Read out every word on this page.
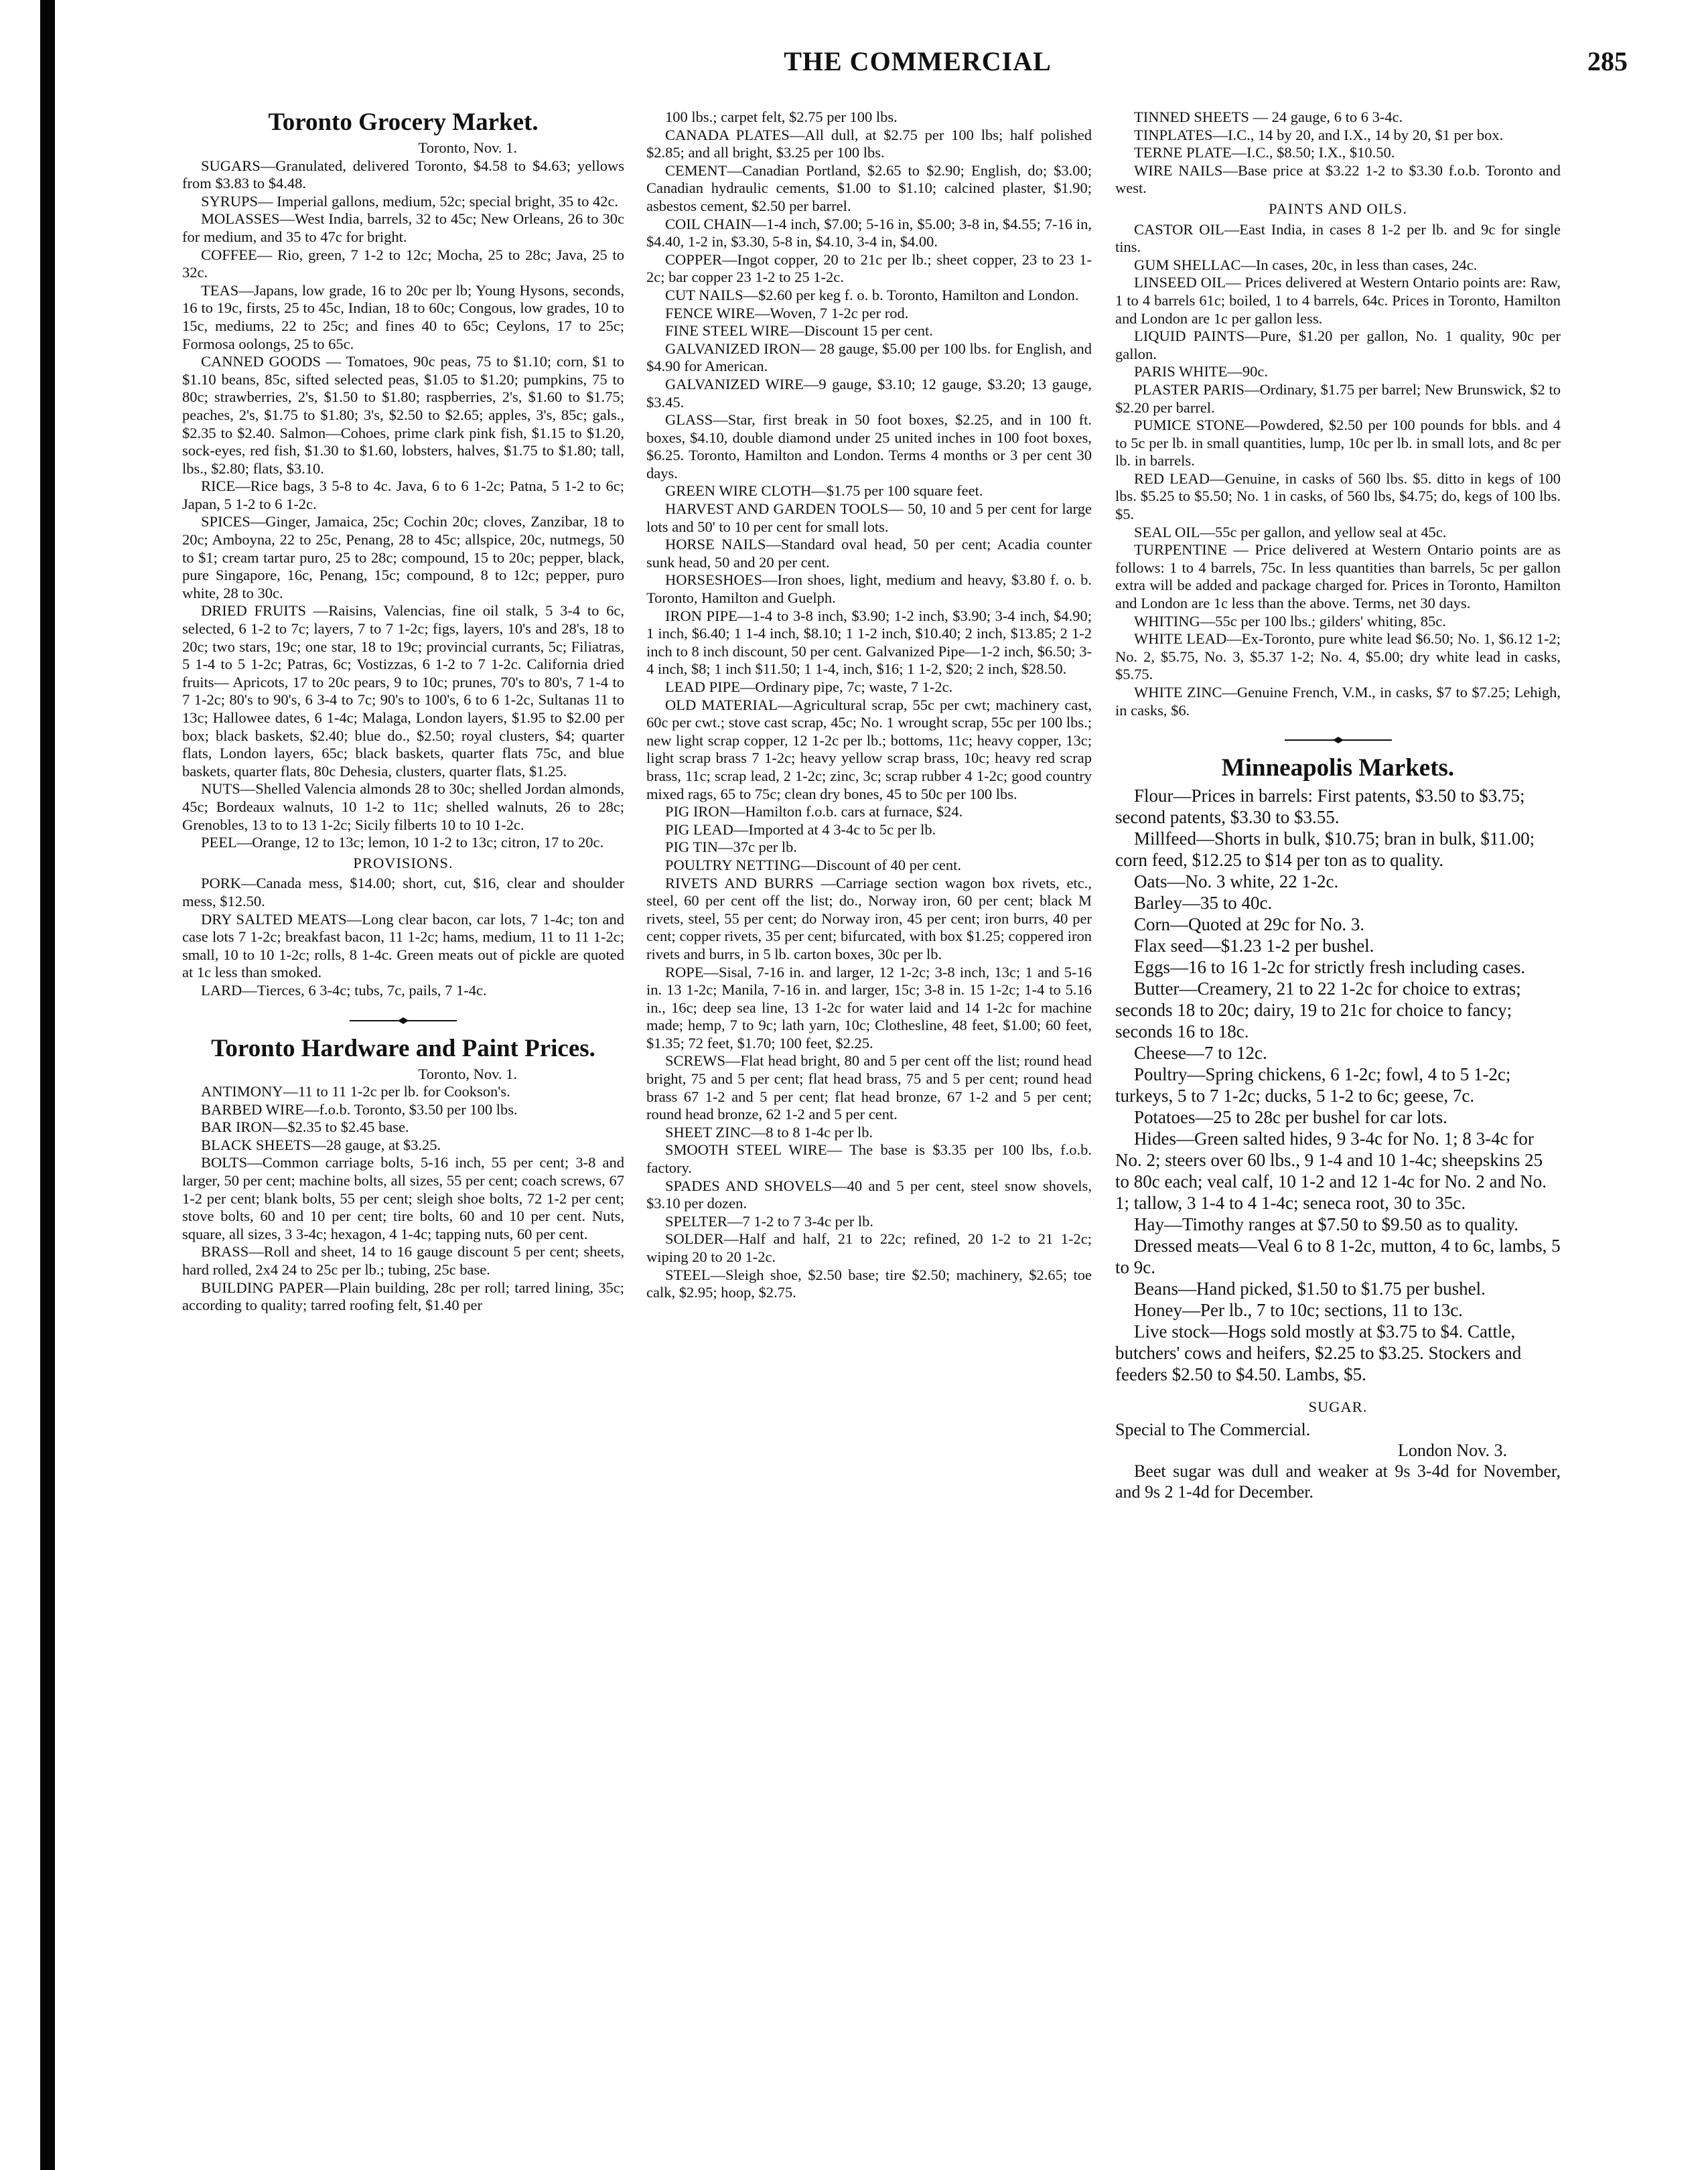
THE COMMERCIAL	285
Toronto Grocery Market.

Toronto, Nov. 1.

SUGARS—Granulated, delivered Toronto, $4.58 to $4.63; yellows from $3.83 to $4.48.

SYRUPS— Imperial gallons, medium, 52c; special bright, 35 to 42c.

MOLASSES—West India, barrels, 32 to 45c; New Orleans, 26 to 30c for medium, and 35 to 47c for bright.

COFFEE— Rio, green, 7 1-2 to 12c; Mocha, 25 to 28c; Java, 25 to 32c.

TEAS—Japans, low grade, 16 to 20c per lb; Young Hysons, seconds, 16 to 19c, firsts, 25 to 45c, Indian, 18 to 60c; Congous, low grades, 10 to 15c, mediums, 22 to 25c; and fines 40 to 65c; Ceylons, 17 to 25c; Formosa oolongs, 25 to 65c.

CANNED GOODS — Tomatoes, 90c peas, 75 to $1.10; corn, $1 to $1.10 beans, 85c, sifted selected peas, $1.05 to $1.20; pumpkins, 75 to 80c; strawberries, 2's, $1.50 to $1.80; raspberries, 2's, $1.60 to $1.75; peaches, 2's, $1.75 to $1.80; 3's, $2.50 to $2.65; apples, 3's, 85c; gals., $2.35 to $2.40. Salmon—Cohoes, prime clark pink fish, $1.15 to $1.20, sock-eyes, red fish, $1.30 to $1.60, lobsters, halves, $1.75 to $1.80; tall, lbs., $2.80; flats, $3.10.

RICE—Rice bags, 3 5-8 to 4c. Java, 6 to 6 1-2c; Patna, 5 1-2 to 6c; Japan, 5 1-2 to 6 1-2c.

SPICES—Ginger, Jamaica, 25c; Cochin 20c; cloves, Zanzibar, 18 to 20c; Amboyna, 22 to 25c, Penang, 28 to 45c; allspice, 20c, nutmegs, 50 to $1; cream tartar puro, 25 to 28c; compound, 15 to 20c; pepper, black, pure Singapore, 16c, Penang, 15c; compound, 8 to 12c; pepper, puro white, 28 to 30c.

DRIED FRUITS —Raisins, Valencias, fine oil stalk, 5 3-4 to 6c, selected, 6 1-2 to 7c; layers, 7 to 7 1-2c; figs, layers, 10's and 28's, 18 to 20c; two stars, 19c; one star, 18 to 19c; provincial currants, 5c; Filiatras, 5 1-4 to 5 1-2c; Patras, 6c; Vostizzas, 6 1-2 to 7 1-2c. California dried fruits— Apricots, 17 to 20c pears, 9 to 10c; prunes, 70's to 80's, 7 1-4 to 7 1-2c; 80's to 90's, 6 3-4 to 7c; 90's to 100's, 6 to 6 1-2c, Sultanas 11 to 13c; Hallowee dates, 6 1-4c; Malaga, London layers, $1.95 to $2.00 per box; black baskets, $2.40; blue do., $2.50; royal clusters, $4; quarter flats, London layers, 65c; black baskets, quarter flats 75c, and blue baskets, quarter flats, 80c Dehesia, clusters, quarter flats, $1.25.

NUTS—Shelled Valencia almonds 28 to 30c; shelled Jordan almonds, 45c; Bordeaux walnuts, 10 1-2 to 11c; shelled walnuts, 26 to 28c; Grenobles, 13 to to 13 1-2c; Sicily filberts 10 to 10 1-2c.

PEEL—Orange, 12 to 13c; lemon, 10 1-2 to 13c; citron, 17 to 20c.

PROVISIONS.

PORK—Canada mess, $14.00; short, cut, $16, clear and shoulder mess, $12.50.

DRY SALTED MEATS—Long clear bacon, car lots, 7 1-4c; ton and case lots 7 1-2c; breakfast bacon, 11 1-2c; hams, medium, 11 to 11 1-2c; small, 10 to 10 1-2c; rolls, 8 1-4c. Green meats out of pickle are quoted at 1c less than smoked.

LARD—Tierces, 6 3-4c; tubs, 7c, pails, 7 1-4c.

Toronto Hardware and Paint Prices.

Toronto, Nov. 1.

ANTIMONY—11 to 11 1-2c per lb. for Cookson's.

BARBED WIRE—f.o.b. Toronto, $3.50 per 100 lbs.

BAR IRON—$2.35 to $2.45 base.

BLACK SHEETS—28 gauge, at $3.25.

BOLTS—Common carriage bolts, 5-16 inch, 55 per cent; 3-8 and larger, 50 per cent; machine bolts, all sizes, 55 per cent; coach screws, 67 1-2 per cent; blank bolts, 55 per cent; sleigh shoe bolts, 72 1-2 per cent; stove bolts, 60 and 10 per cent; tire bolts, 60 and 10 per cent. Nuts, square, all sizes, 3 3-4c; hexagon, 4 1-4c; tapping nuts, 60 per cent.

BRASS—Roll and sheet, 14 to 16 gauge discount 5 per cent; sheets, hard rolled, 2x4 24 to 25c per lb.; tubing, 25c base.

BUILDING PAPER—Plain building, 28c per roll; tarred lining, 35c; according to quality; tarred roofing felt, $1.40 per

100 lbs.; carpet felt, $2.75 per 100 lbs.

CANADA PLATES—All dull, at $2.75 per 100 lbs; half polished $2.85; and all bright, $3.25 per 100 lbs.

CEMENT—Canadian Portland, $2.65 to $2.90; English, do; $3.00; Canadian hydraulic cements, $1.00 to $1.10; calcined plaster, $1.90; asbestos cement, $2.50 per barrel.

COIL CHAIN—1-4 inch, $7.00; 5-16 in, $5.00; 3-8 in, $4.55; 7-16 in, $4.40, 1-2 in, $3.30, 5-8 in, $4.10, 3-4 in, $4.00.

COPPER—Ingot copper, 20 to 21c per lb.; sheet copper, 23 to 23 1-2c; bar copper 23 1-2 to 25 1-2c.

CUT NAILS—$2.60 per keg f. o. b. Toronto, Hamilton and London.

FENCE WIRE—Woven, 7 1-2c per rod.

FINE STEEL WIRE—Discount 15 per cent.

GALVANIZED IRON— 28 gauge, $5.00 per 100 lbs. for English, and $4.90 for American.

GALVANIZED WIRE—9 gauge, $3.10; 12 gauge, $3.20; 13 gauge, $3.45.

GLASS—Star, first break in 50 foot boxes, $2.25, and in 100 ft. boxes, $4.10, double diamond under 25 united inches in 100 foot boxes, $6.25. Toronto, Hamilton and London. Terms 4 months or 3 per cent 30 days.

GREEN WIRE CLOTH—$1.75 per 100 square feet.

HARVEST AND GARDEN TOOLS— 50, 10 and 5 per cent for large lots and 50' to 10 per cent for small lots.

HORSE NAILS—Standard oval head, 50 per cent; Acadia counter sunk head, 50 and 20 per cent.

HORSESHOES—Iron shoes, light, medium and heavy, $3.80 f. o. b. Toronto, Hamilton and Guelph.

IRON PIPE—1-4 to 3-8 inch, $3.90; 1-2 inch, $3.90; 3-4 inch, $4.90; 1 inch, $6.40; 1 1-4 inch, $8.10; 1 1-2 inch, $10.40; 2 inch, $13.85; 2 1-2 inch to 8 inch discount, 50 per cent. Galvanized Pipe—1-2 inch, $6.50; 3-4 inch, $8; 1 inch $11.50; 1 1-4, inch, $16; 1 1-2, $20; 2 inch, $28.50.

LEAD PIPE—Ordinary pipe, 7c; waste, 7 1-2c.

OLD MATERIAL—Agricultural scrap, 55c per cwt; machinery cast, 60c per cwt.; stove cast scrap, 45c; No. 1 wrought scrap, 55c per 100 lbs.; new light scrap copper, 12 1-2c per lb.; bottoms, 11c; heavy copper, 13c; light scrap brass 7 1-2c; heavy yellow scrap brass, 10c; heavy red scrap brass, 11c; scrap lead, 2 1-2c; zinc, 3c; scrap rubber 4 1-2c; good country mixed rags, 65 to 75c; clean dry bones, 45 to 50c per 100 lbs.

PIG IRON—Hamilton f.o.b. cars at furnace, $24.

PIG LEAD—Imported at 4 3-4c to 5c per lb.

PIG TIN—37c per lb.

POULTRY NETTING—Discount of 40 per cent.

RIVETS AND BURRS —Carriage section wagon box rivets, etc., steel, 60 per cent off the list; do., Norway iron, 60 per cent; black M rivets, steel, 55 per cent; do Norway iron, 45 per cent; iron burrs, 40 per cent; copper rivets, 35 per cent; bifurcated, with box $1.25; coppered iron rivets and burrs, in 5 lb. carton boxes, 30c per lb.

ROPE—Sisal, 7-16 in. and larger, 12 1-2c; 3-8 inch, 13c; 1 and 5-16 in. 13 1-2c; Manila, 7-16 in. and larger, 15c; 3-8 in. 15 1-2c; 1-4 to 5.16 in., 16c; deep sea line, 13 1-2c for water laid and 14 1-2c for machine made; hemp, 7 to 9c; lath yarn, 10c; Clothesline, 48 feet, $1.00; 60 feet, $1.35; 72 feet, $1.70; 100 feet, $2.25.

SCREWS—Flat head bright, 80 and 5 per cent off the list; round head bright, 75 and 5 per cent; flat head brass, 75 and 5 per cent; round head brass 67 1-2 and 5 per cent; flat head bronze, 67 1-2 and 5 per cent; round head bronze, 62 1-2 and 5 per cent.

SHEET ZINC—8 to 8 1-4c per lb.

SMOOTH STEEL WIRE— The base is $3.35 per 100 lbs, f.o.b. factory.

SPADES AND SHOVELS—40 and 5 per cent, steel snow shovels, $3.10 per dozen.

SPELTER—7 1-2 to 7 3-4c per lb.

SOLDER—Half and half, 21 to 22c; refined, 20 1-2 to 21 1-2c; wiping 20 to 20 1-2c.

STEEL—Sleigh shoe, $2.50 base; tire $2.50; machinery, $2.65; toe calk, $2.95; hoop, $2.75.

TINNED SHEETS — 24 gauge, 6 to 6 3-4c.

TINPLATES—I.C., 14 by 20, and I.X., 14 by 20, $1 per box.

TERNE PLATE—I.C., $8.50; I.X., $10.50.

WIRE NAILS—Base price at $3.22 1-2 to $3.30 f.o.b. Toronto and west.

PAINTS AND OILS.

CASTOR OIL—East India, in cases 8 1-2 per lb. and 9c for single tins.

GUM SHELLAC—In cases, 20c, in less than cases, 24c.

LINSEED OIL— Prices delivered at Western Ontario points are: Raw, 1 to 4 barrels 61c; boiled, 1 to 4 barrels, 64c. Prices in Toronto, Hamilton and London are 1c per gallon less.

LIQUID PAINTS—Pure, $1.20 per gallon, No. 1 quality, 90c per gallon.

PARIS WHITE—90c.

PLASTER PARIS—Ordinary, $1.75 per barrel; New Brunswick, $2 to $2.20 per barrel.

PUMICE STONE—Powdered, $2.50 per 100 pounds for bbls. and 4 to 5c per lb. in small quantities, lump, 10c per lb. in small lots, and 8c per lb. in barrels.

RED LEAD—Genuine, in casks of 560 lbs. $5. ditto in kegs of 100 lbs. $5.25 to $5.50; No. 1 in casks, of 560 lbs, $4.75; do, kegs of 100 lbs. $5.

SEAL OIL—55c per gallon, and yellow seal at 45c.

TURPENTINE — Price delivered at Western Ontario points are as follows: 1 to 4 barrels, 75c. In less quantities than barrels, 5c per gallon extra will be added and package charged for. Prices in Toronto, Hamilton and London are 1c less than the above. Terms, net 30 days.

WHITING—55c per 100 lbs.; gilders' whiting, 85c.

WHITE LEAD—Ex-Toronto, pure white lead $6.50; No. 1, $6.12 1-2; No. 2, $5.75, No. 3, $5.37 1-2; No. 4, $5.00; dry white lead in casks, $5.75.

WHITE ZINC—Genuine French, V.M., in casks, $7 to $7.25; Lehigh, in casks, $6.

Minneapolis Markets.

Flour—Prices in barrels: First patents, $3.50 to $3.75; second patents, $3.30 to $3.55.

Millfeed—Shorts in bulk, $10.75; bran in bulk, $11.00; corn feed, $12.25 to $14 per ton as to quality.

Oats—No. 3 white, 22 1-2c.

Barley—35 to 40c.

Corn—Quoted at 29c for No. 3.

Flax seed—$1.23 1-2 per bushel.

Eggs—16 to 16 1-2c for strictly fresh including cases.

Butter—Creamery, 21 to 22 1-2c for choice to extras; seconds 18 to 20c; dairy, 19 to 21c for choice to fancy; seconds 16 to 18c.

Cheese—7 to 12c.

Poultry—Spring chickens, 6 1-2c; fowl, 4 to 5 1-2c; turkeys, 5 to 7 1-2c; ducks, 5 1-2 to 6c; geese, 7c.

Potatoes—25 to 28c per bushel for car lots.

Hides—Green salted hides, 9 3-4c for No. 1; 8 3-4c for No. 2; steers over 60 lbs., 9 1-4 and 10 1-4c; sheepskins 25 to 80c each; veal calf, 10 1-2 and 12 1-4c for No. 2 and No. 1; tallow, 3 1-4 to 4 1-4c; seneca root, 30 to 35c.

Hay—Timothy ranges at $7.50 to $9.50 as to quality.

Dressed meats—Veal 6 to 8 1-2c, mutton, 4 to 6c, lambs, 5 to 9c.

Beans—Hand picked, $1.50 to $1.75 per bushel.

Honey—Per lb., 7 to 10c; sections, 11 to 13c.

Live stock—Hogs sold mostly at $3.75 to $4. Cattle, butchers' cows and heifers, $2.25 to $3.25. Stockers and feeders $2.50 to $4.50. Lambs, $5.

SUGAR.

Special to The Commercial.

London Nov. 3.

Beet sugar was dull and weaker at 9s 3-4d for November, and 9s 2 1-4d for December.
